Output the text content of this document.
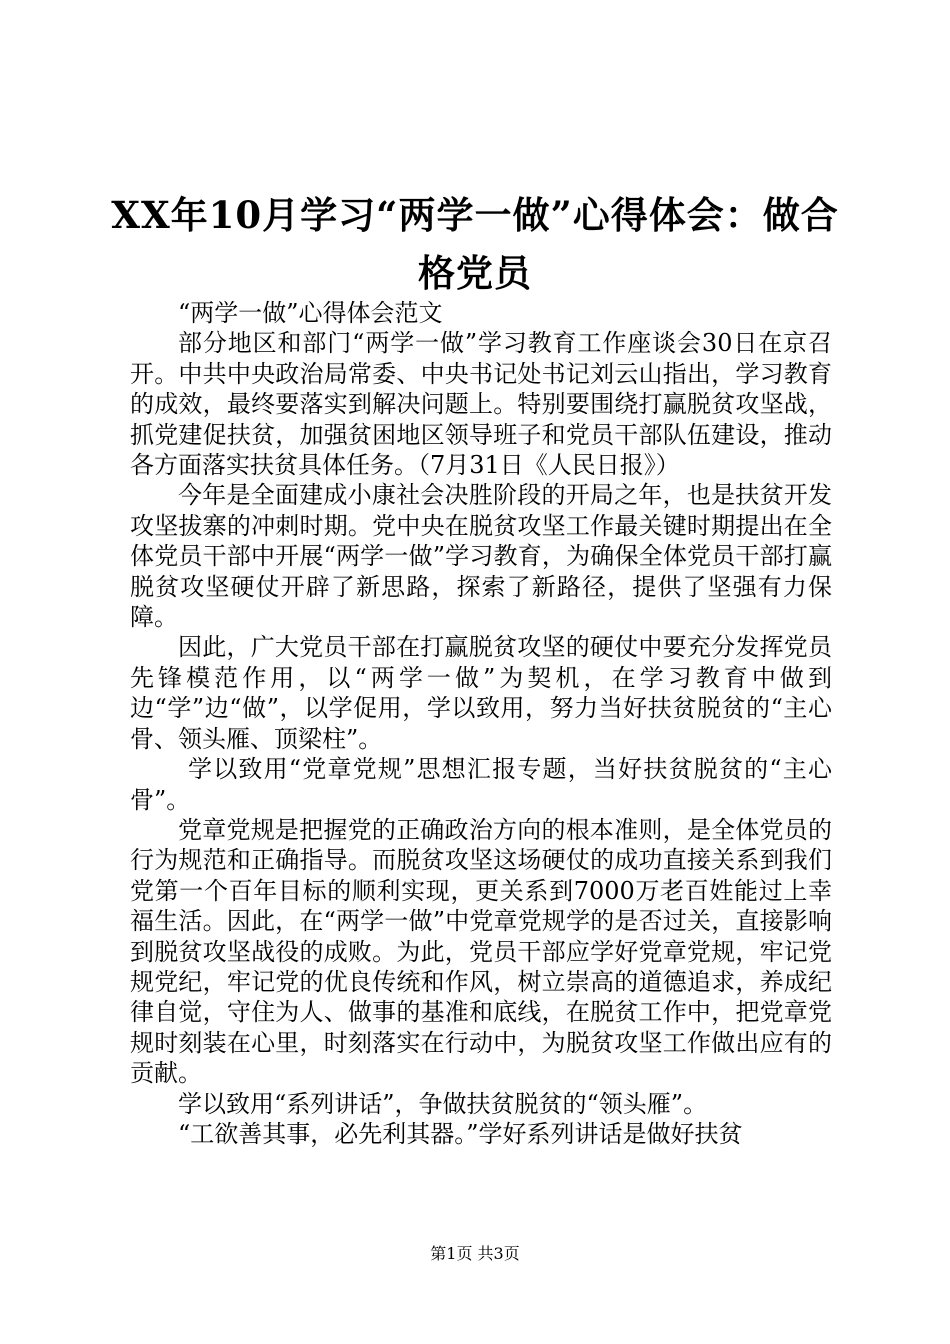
XX年10月学习“两学一做”心得体会：做合格党员

“两学一做”心得体会范文

部分地区和部门“两学一做”学习教育工作座谈会30日在京召开。中共中央政治局常委、中央书记处书记刘云山指出，学习教育的成效，最终要落实到解决问题上。特别要围绕打赢脱贫攻坚战，抓党建促扶贫，加强贫困地区领导班子和党员干部队伍建设，推动各方面落实扶贫具体任务。（7月31日《人民日报》）

今年是全面建成小康社会决胜阶段的开局之年，也是扶贫开发攻坚拔寨的冲刺时期。党中央在脱贫攻坚工作最关键时期提出在全体党员干部中开展“两学一做”学习教育，为确保全体党员干部打赢脱贫攻坚硬仗开辟了新思路，探索了新路径，提供了坚强有力保障。

因此，广大党员干部在打赢脱贫攻坚的硬仗中要充分发挥党员先锋模范作用，以“两学一做”为契机，在学习教育中做到边“学”边“做”，以学促用，学以致用，努力当好扶贫脱贫的“主心骨、领头雁、顶梁柱”。

学以致用“党章党规”思想汇报专题，当好扶贫脱贫的“主心骨”。

党章党规是把握党的正确政治方向的根本准则，是全体党员的行为规范和正确指导。而脱贫攻坚这场硬仗的成功直接关系到我们党第一个百年目标的顺利实现，更关系到7000万老百姓能过上幸福生活。因此，在“两学一做”中党章党规学的是否过关，直接影响到脱贫攻坚战役的成败。为此，党员干部应学好党章党规，牢记党规党纪，牢记党的优良传统和作风，树立崇高的道德追求，养成纪律自觉，守住为人、做事的基准和底线，在脱贫工作中，把党章党规时刻装在心里，时刻落实在行动中，为脱贫攻坚工作做出应有的贡献。

学以致用“系列讲话”，争做扶贫脱贫的“领头雁”。

“工欲善其事，必先利其器。”学好系列讲话是做好扶贫

第1页 共3页
